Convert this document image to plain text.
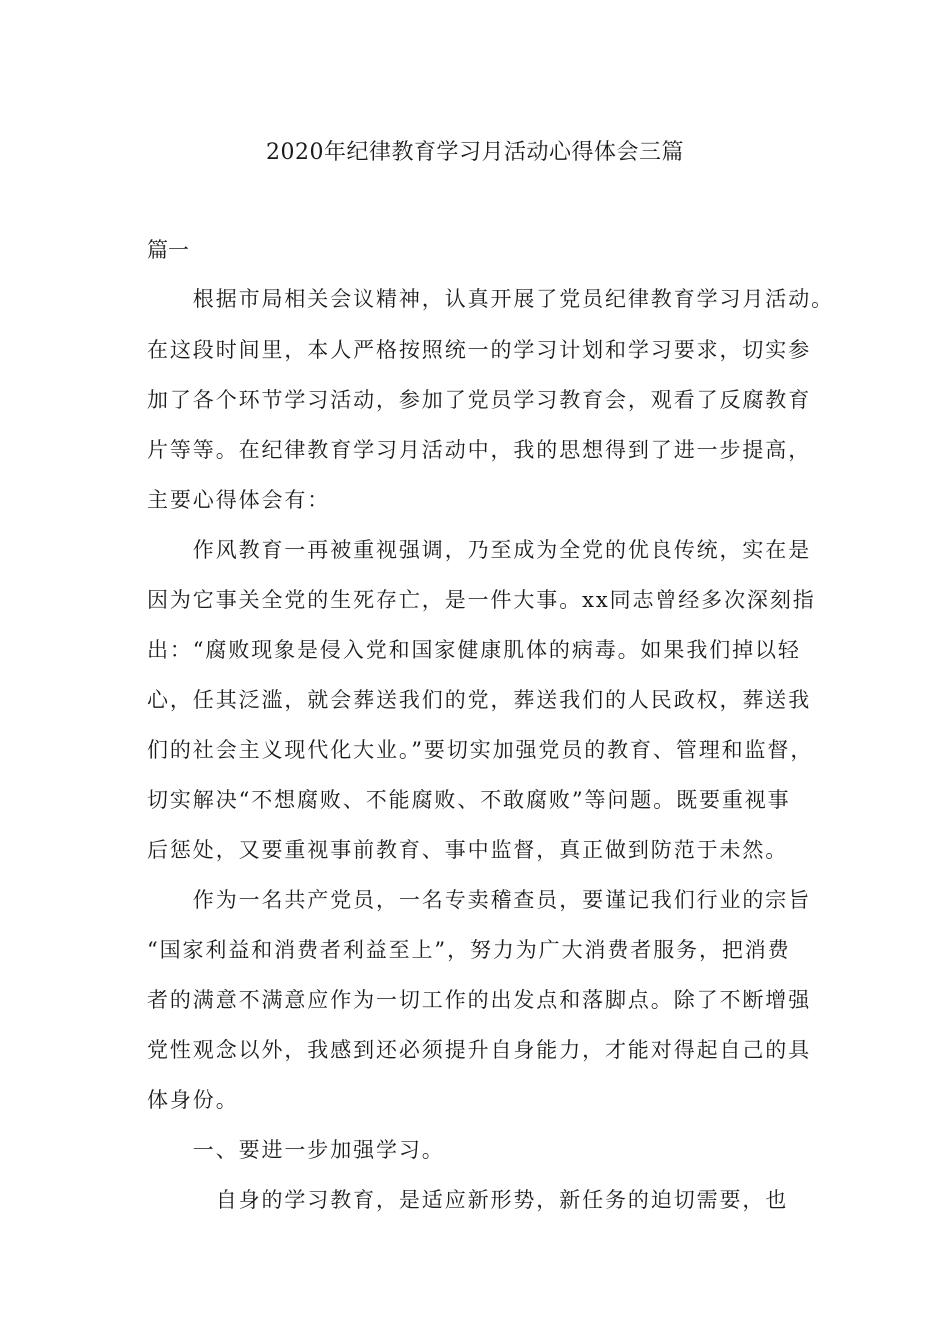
2020年纪律教育学习月活动心得体会三篇
篇一
　　根据市局相关会议精神，认真开展了党员纪律教育学习月活动。
在这段时间里，本人严格按照统一的学习计划和学习要求，切实参
加了各个环节学习活动，参加了党员学习教育会，观看了反腐教育
片等等。在纪律教育学习月活动中，我的思想得到了进一步提高，
主要心得体会有：
　　作风教育一再被重视强调，乃至成为全党的优良传统，实在是
因为它事关全党的生死存亡，是一件大事。xx同志曾经多次深刻指
出：“腐败现象是侵入党和国家健康肌体的病毒。如果我们掉以轻
心，任其泛滥，就会葬送我们的党，葬送我们的人民政权，葬送我
们的社会主义现代化大业。”要切实加强党员的教育、管理和监督，
切实解决“不想腐败、不能腐败、不敢腐败”等问题。既要重视事
后惩处，又要重视事前教育、事中监督，真正做到防范于未然。
　　作为一名共产党员，一名专卖稽查员，要谨记我们行业的宗旨
“国家利益和消费者利益至上”，努力为广大消费者服务，把消费
者的满意不满意应作为一切工作的出发点和落脚点。除了不断增强
党性观念以外，我感到还必须提升自身能力，才能对得起自己的具
体身份。
　　一、要进一步加强学习。
　　　自身的学习教育，是适应新形势，新任务的迫切需要，也
